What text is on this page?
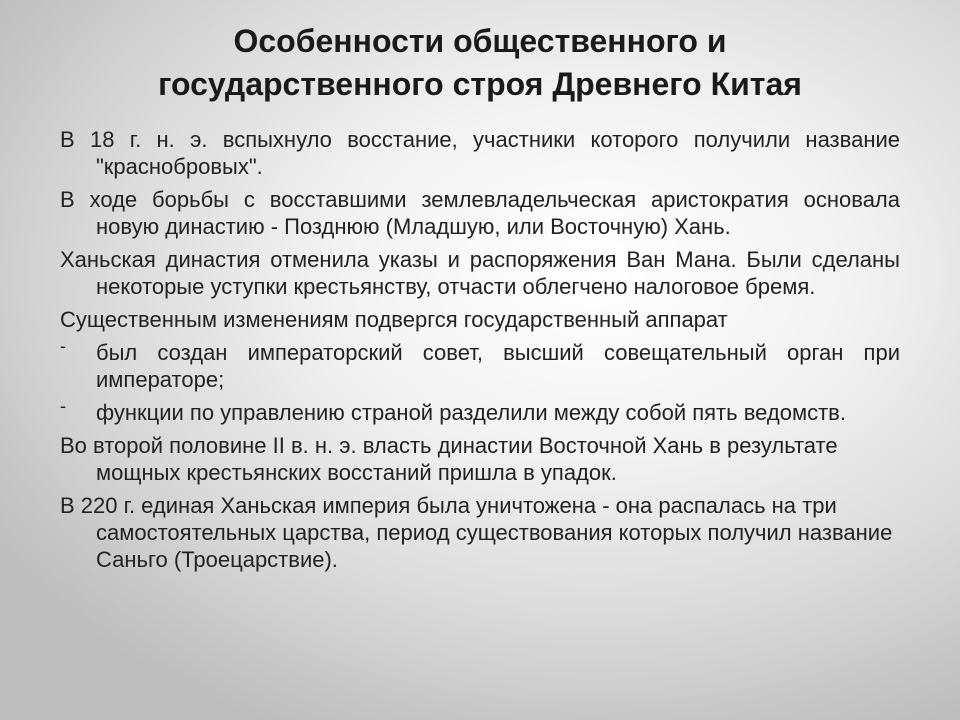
Особенности общественного и
государственного строя Древнего Китая

В 18 г. н. э. вспыхнуло восстание, участники которого получили название "краснобровых".

В ходе борьбы с восставшими землевладельческая аристократия основала новую династию - Позднюю (Младшую, или Восточную) Хань.

Ханьская династия отменила указы и распоряжения Ван Мана. Были сделаны некоторые уступки крестьянству, отчасти облегчено налоговое бремя.

Существенным изменениям подвергся государственный аппарат

- был создан императорский совет, высший совещательный орган при императоре;
- функции по управлению страной разделили между собой пять ведомств.

Во второй половине II в. н. э. власть династии Восточной Хань в результате мощных крестьянских восстаний пришла в упадок.

В 220 г. единая Ханьская империя была уничтожена - она распалась на три самостоятельных царства, период существования которых получил название Саньго (Троецарствие).
